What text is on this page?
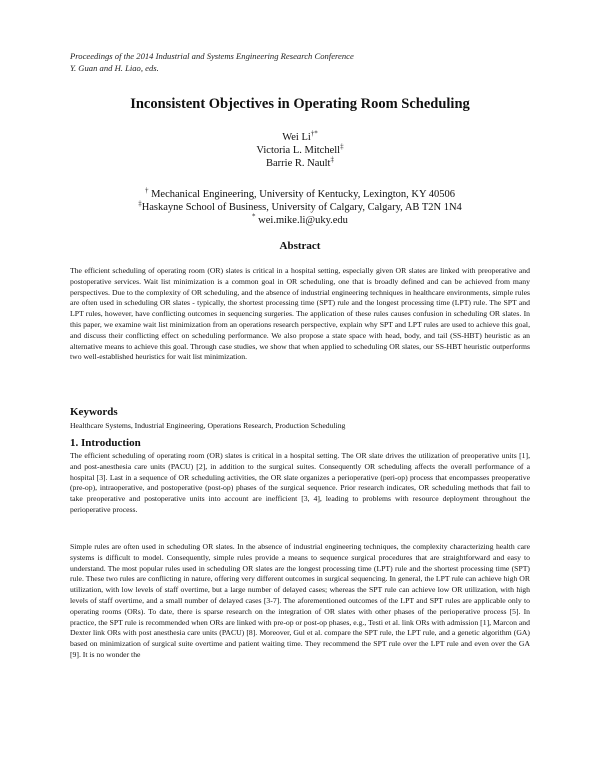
Proceedings of the 2014 Industrial and Systems Engineering Research Conference
Y. Guan and H. Liao, eds.
Inconsistent Objectives in Operating Room Scheduling
Wei Li†*
Victoria L. Mitchell‡
Barrie R. Nault‡
† Mechanical Engineering, University of Kentucky, Lexington, KY 40506
‡Haskayne School of Business, University of Calgary, Calgary, AB T2N 1N4
* wei.mike.li@uky.edu
Abstract

The efficient scheduling of operating room (OR) slates is critical in a hospital setting, especially given OR slates are linked with preoperative and postoperative services. Wait list minimization is a common goal in OR scheduling, one that is broadly defined and can be achieved from many perspectives. Due to the complexity of OR scheduling, and the absence of industrial engineering techniques in healthcare environments, simple rules are often used in scheduling OR slates - typically, the shortest processing time (SPT) rule and the longest processing time (LPT) rule. The SPT and LPT rules, however, have conflicting outcomes in sequencing surgeries. The application of these rules causes confusion in scheduling OR slates. In this paper, we examine wait list minimization from an operations research perspective, explain why SPT and LPT rules are used to achieve this goal, and discuss their conflicting effect on scheduling performance. We also propose a state space with head, body, and tail (SS-HBT) heuristic as an alternative means to achieve this goal. Through case studies, we show that when applied to scheduling OR slates, our SS-HBT heuristic outperforms two well-established heuristics for wait list minimization.

Keywords
Healthcare Systems, Industrial Engineering, Operations Research, Production Scheduling
1. Introduction

The efficient scheduling of operating room (OR) slates is critical in a hospital setting. The OR slate drives the utilization of preoperative units [1], and post-anesthesia care units (PACU) [2], in addition to the surgical suites. Consequently OR scheduling affects the overall performance of a hospital [3]. Last in a sequence of OR scheduling activities, the OR slate organizes a perioperative (peri-op) process that encompasses preoperative (pre-op), intraoperative, and postoperative (post-op) phases of the surgical sequence. Prior research indicates, OR scheduling methods that fail to take preoperative and postoperative units into account are inefficient [3, 4], leading to problems with resource deployment throughout the perioperative process.

Simple rules are often used in scheduling OR slates. In the absence of industrial engineering techniques, the complexity characterizing health care systems is difficult to model. Consequently, simple rules provide a means to sequence surgical procedures that are straightforward and easy to understand. The most popular rules used in scheduling OR slates are the longest processing time (LPT) rule and the shortest processing time (SPT) rule. These two rules are conflicting in nature, offering very different outcomes in surgical sequencing. In general, the LPT rule can achieve high OR utilization, with low levels of staff overtime, but a large number of delayed cases; whereas the SPT rule can achieve low OR utilization, with high levels of staff overtime, and a small number of delayed cases [3-7]. The aforementioned outcomes of the LPT and SPT rules are applicable only to operating rooms (ORs). To date, there is sparse research on the integration of OR slates with other phases of the perioperative process [5]. In practice, the SPT rule is recommended when ORs are linked with pre-op or post-op phases, e.g., Testi et al. link ORs with admission [1], Marcon and Dexter link ORs with post anesthesia care units (PACU) [8]. Moreover, Gul et al. compare the SPT rule, the LPT rule, and a genetic algorithm (GA) based on minimization of surgical suite overtime and patient waiting time. They recommend the SPT rule over the LPT rule and even over the GA [9]. It is no wonder the
